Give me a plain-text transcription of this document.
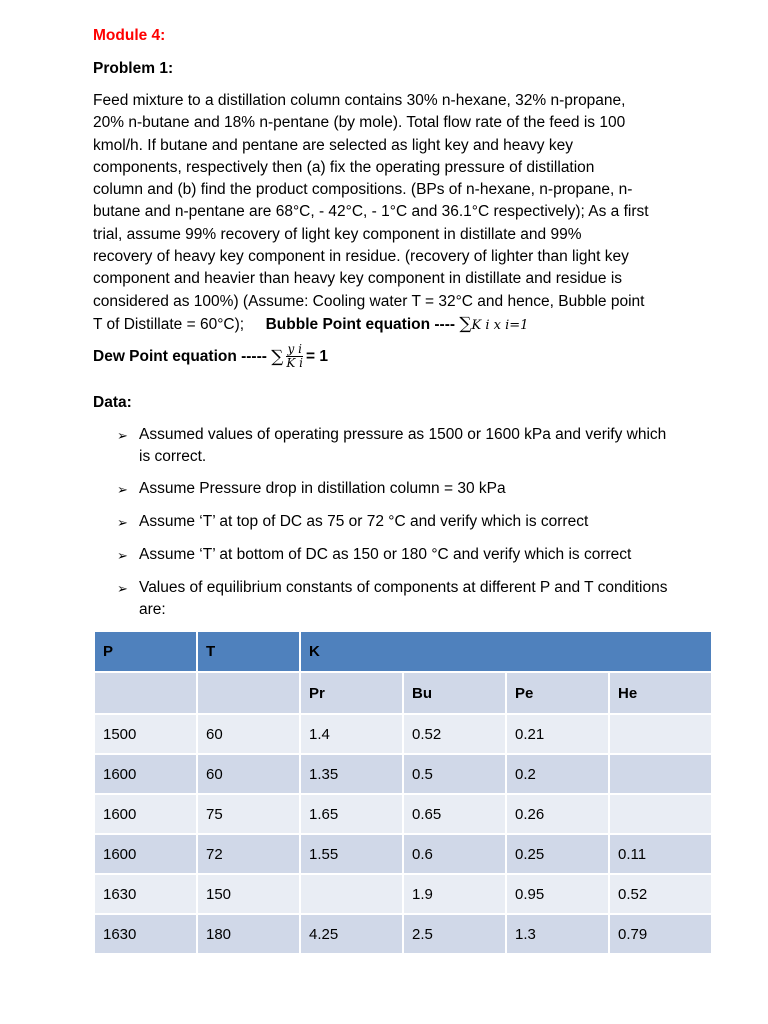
Module 4:
Problem 1:
Feed mixture to a distillation column contains 30% n-hexane, 32% n-propane,
20% n-butane and 18% n-pentane (by mole). Total flow rate of the feed is 100
kmol/h. If butane and pentane are selected as light key and heavy key
components, respectively then (a) fix the operating pressure of distillation
column and (b) find the product compositions. (BPs of n-hexane, n-propane, n-
butane and n-pentane are 68°C, - 42°C, - 1°C and 36.1°C respectively); As a first
trial, assume 99% recovery of light key component in distillate and 99%
recovery of heavy key component in residue. (recovery of lighter than light key
component and heavier than heavy key component in distillate and residue is
considered as 100%) (Assume: Cooling water T = 32°C and hence, Bubble point
T of Distillate = 60°C);     Bubble Point equation ---- ∑K i x i=1
Dew Point equation -----
∑ $\frac{\text{y i}}{\text{K i}} = 1$
Data:
➢ Assumed values of operating pressure as 1500 or 1600 kPa and verify which is correct.
➢ Assume Pressure drop in distillation column = 30 kPa
➢ Assume ‘T’ at top of DC as 75 or 72 °C and verify which is correct
➢ Assume ‘T’ at bottom of DC as 150 or 180 °C and verify which is correct
➢ Values of equilibrium constants of components at different P and T conditions are:
P	T	K			
		Pr	Bu	Pe	He
1500	60	1.4	0.52	0.21	
1600	60	1.35	0.5	0.2	
1600	75	1.65	0.65	0.26	
1600	72	1.55	0.6	0.25	0.11
1630	150		1.9	0.95	0.52
1630	180	4.25	2.5	1.3	0.79
